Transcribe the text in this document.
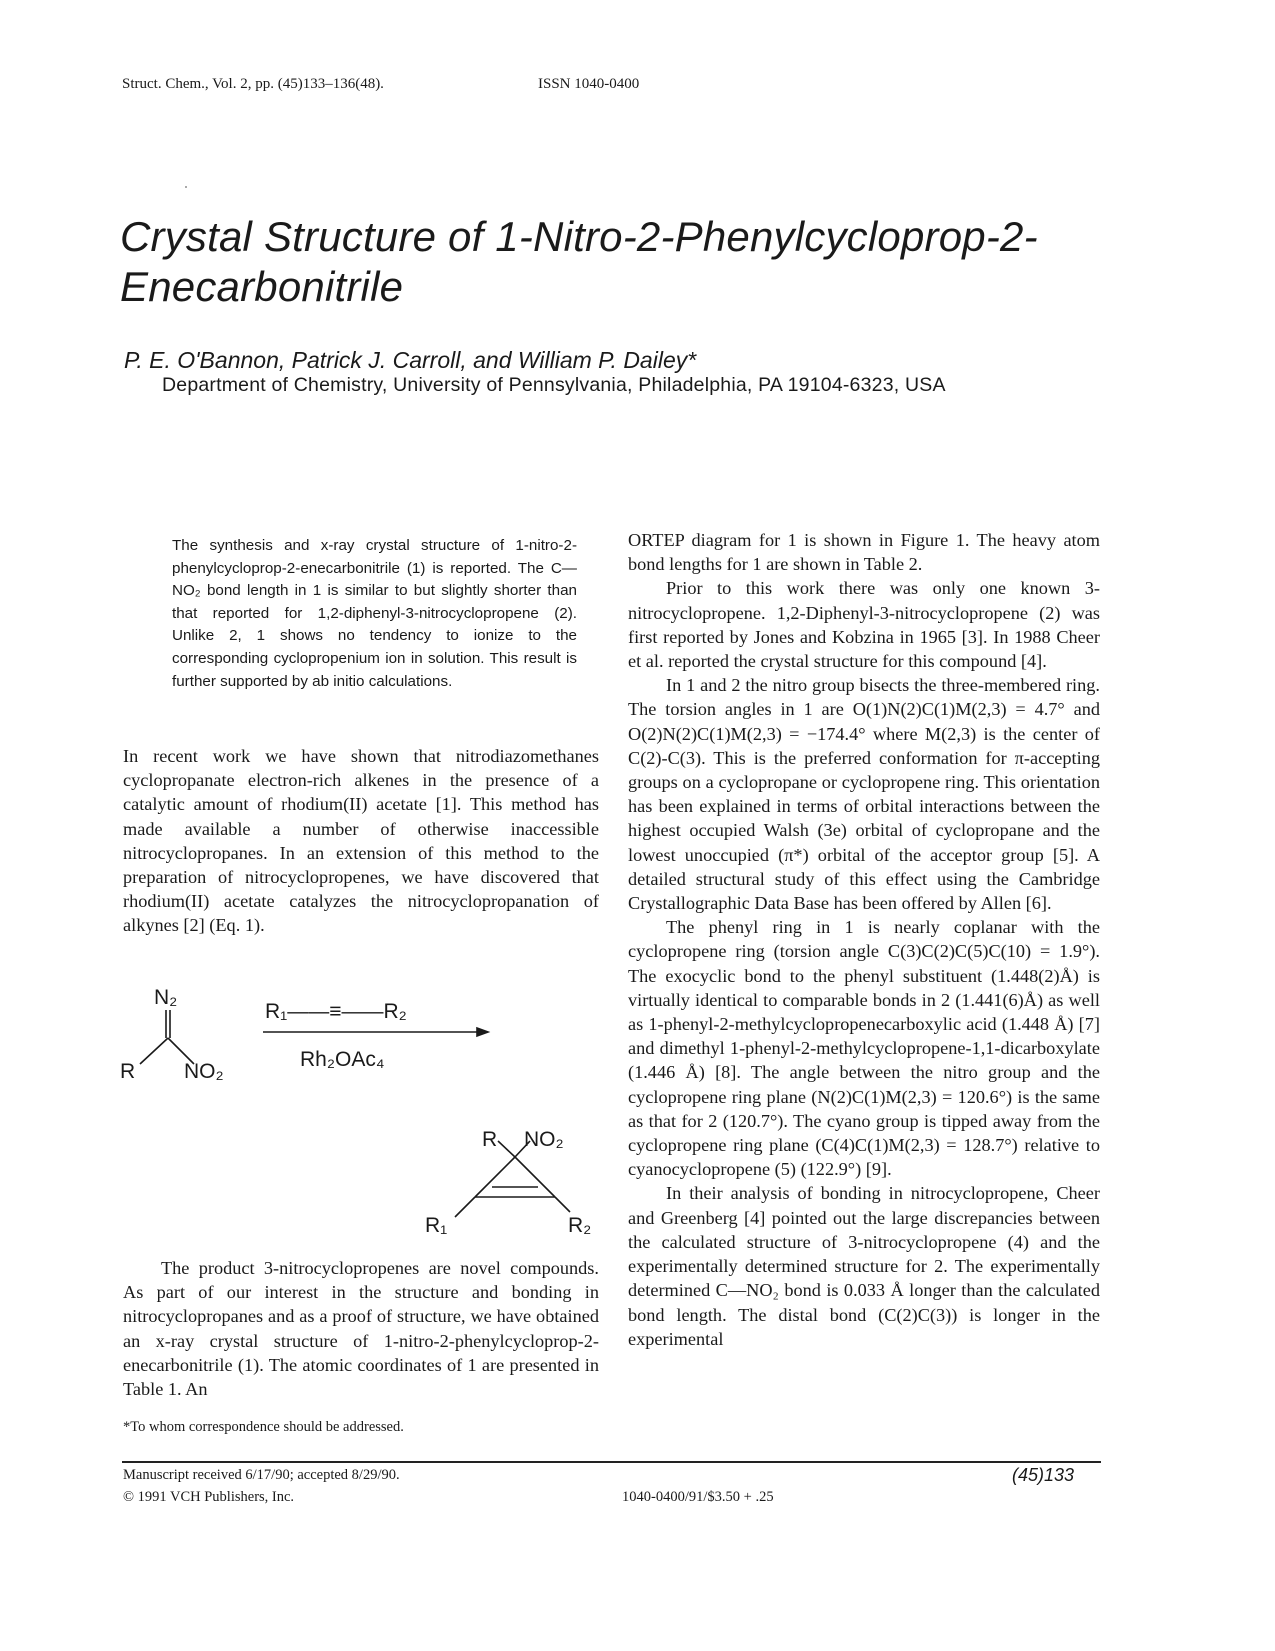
Struct. Chem., Vol. 2, pp. (45)133–136(48).	ISSN 1040-0400
Crystal Structure of 1-Nitro-2-Phenylcycloprop-2-Enecarbonitrile
P. E. O'Bannon, Patrick J. Carroll, and William P. Dailey*
Department of Chemistry, University of Pennsylvania, Philadelphia, PA 19104-6323, USA

The synthesis and x-ray crystal structure of 1-nitro-2-phenylcycloprop-2-enecarbonitrile (1) is reported. The C—NO₂ bond length in 1 is similar to but slightly shorter than that reported for 1,2-diphenyl-3-nitrocyclopropene (2). Unlike 2, 1 shows no tendency to ionize to the corresponding cyclopropenium ion in solution. This result is further supported by ab initio calculations.

In recent work we have shown that nitrodiazomethanes cyclopropanate electron-rich alkenes in the presence of a catalytic amount of rhodium(II) acetate [1]. This method has made available a number of otherwise inaccessible nitrocyclopropanes. In an extension of this method to the preparation of nitrocyclopropenes, we have discovered that rhodium(II) acetate catalyzes the nitrocyclopropanation of alkynes [2] (Eq. 1).

N₂
R NO₂
R₁——≡——R₂
Rh₂OAc₄
R NO₂
R₁	R₂

The product 3-nitrocyclopropenes are novel compounds. As part of our interest in the structure and bonding in nitrocyclopropanes and as a proof of structure, we have obtained an x-ray crystal structure of 1-nitro-2-phenylcycloprop-2-enecarbonitrile (1). The atomic coordinates of 1 are presented in Table 1. An

ORTEP diagram for 1 is shown in Figure 1. The heavy atom bond lengths for 1 are shown in Table 2.

Prior to this work there was only one known 3-nitrocyclopropene. 1,2-Diphenyl-3-nitrocyclopropene (2) was first reported by Jones and Kobzina in 1965 [3]. In 1988 Cheer et al. reported the crystal structure for this compound [4].

In 1 and 2 the nitro group bisects the three-membered ring. The torsion angles in 1 are O(1)N(2)C(1)M(2,3) = 4.7° and O(2)N(2)C(1)M(2,3) = −174.4° where M(2,3) is the center of C(2)-C(3). This is the preferred conformation for π-accepting groups on a cyclopropane or cyclopropene ring. This orientation has been explained in terms of orbital interactions between the highest occupied Walsh (3e) orbital of cyclopropane and the lowest unoccupied (π*) orbital of the acceptor group [5]. A detailed structural study of this effect using the Cambridge Crystallographic Data Base has been offered by Allen [6].

The phenyl ring in 1 is nearly coplanar with the cyclopropene ring (torsion angle C(3)C(2)C(5)C(10) = 1.9°). The exocyclic bond to the phenyl substituent (1.448(2)Å) is virtually identical to comparable bonds in 2 (1.441(6)Å) as well as 1-phenyl-2-methylcyclopropenecarboxylic acid (1.448 Å) [7] and dimethyl 1-phenyl-2-methylcyclopropene-1,1-dicarboxylate (1.446 Å) [8]. The angle between the nitro group and the cyclopropene ring plane (N(2)C(1)M(2,3) = 120.6°) is the same as that for 2 (120.7°). The cyano group is tipped away from the cyclopropene ring plane (C(4)C(1)M(2,3) = 128.7°) relative to cyanocyclopropene (5) (122.9°) [9].

In their analysis of bonding in nitrocyclopropene, Cheer and Greenberg [4] pointed out the large discrepancies between the calculated structure of 3-nitrocyclopropene (4) and the experimentally determined structure for 2. The experimentally determined C—NO₂ bond is 0.033 Å longer than the calculated bond length. The distal bond (C(2)C(3)) is longer in the experimental

*To whom correspondence should be addressed.
Manuscript received 6/17/90; accepted 8/29/90.
© 1991 VCH Publishers, Inc.
(45)133
1040-0400/91/$3.50 + .25
